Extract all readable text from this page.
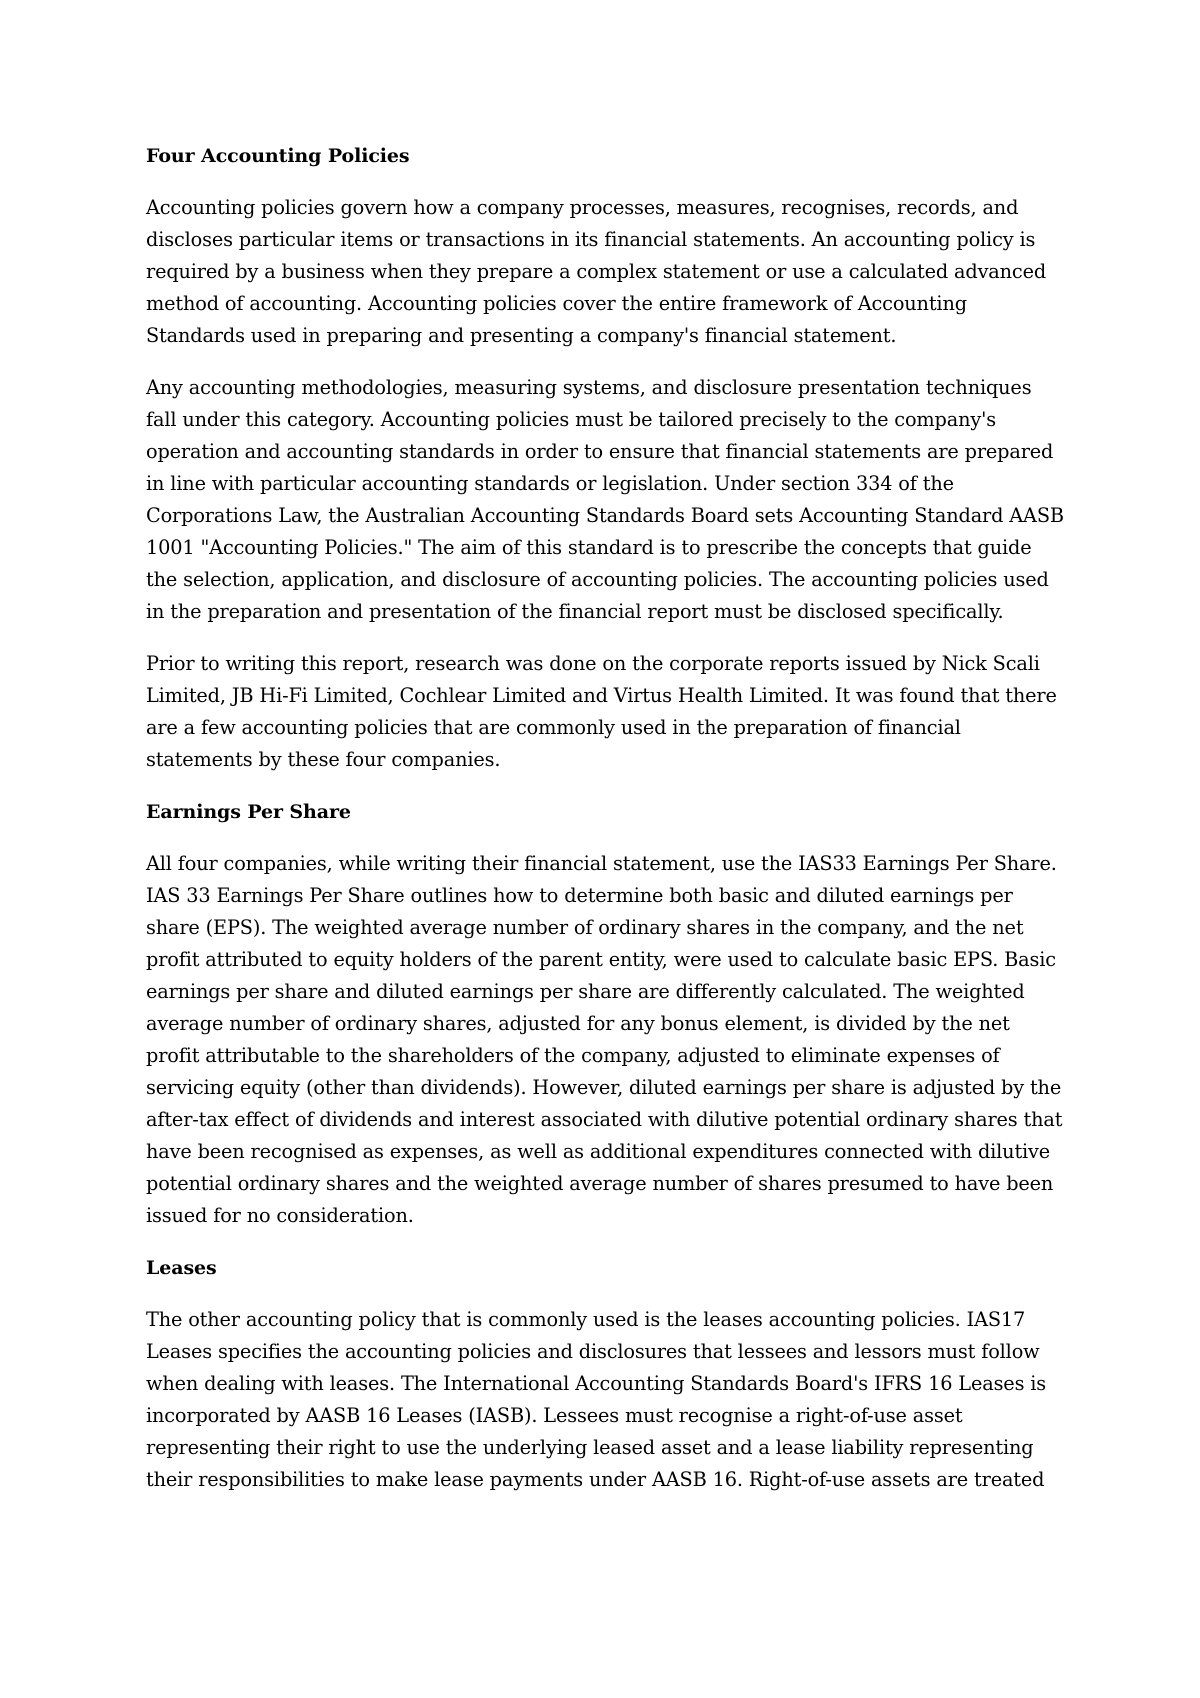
Four Accounting Policies

Accounting policies govern how a company processes, measures, recognises, records, and discloses particular items or transactions in its financial statements. An accounting policy is required by a business when they prepare a complex statement or use a calculated advanced method of accounting. Accounting policies cover the entire framework of Accounting Standards used in preparing and presenting a company's financial statement.

Any accounting methodologies, measuring systems, and disclosure presentation techniques fall under this category. Accounting policies must be tailored precisely to the company's operation and accounting standards in order to ensure that financial statements are prepared in line with particular accounting standards or legislation. Under section 334 of the Corporations Law, the Australian Accounting Standards Board sets Accounting Standard AASB 1001 "Accounting Policies." The aim of this standard is to prescribe the concepts that guide the selection, application, and disclosure of accounting policies. The accounting policies used in the preparation and presentation of the financial report must be disclosed specifically.

Prior to writing this report, research was done on the corporate reports issued by Nick Scali Limited, JB Hi-Fi Limited, Cochlear Limited and Virtus Health Limited. It was found that there are a few accounting policies that are commonly used in the preparation of financial statements by these four companies.

Earnings Per Share

All four companies, while writing their financial statement, use the IAS33 Earnings Per Share. IAS 33 Earnings Per Share outlines how to determine both basic and diluted earnings per share (EPS). The weighted average number of ordinary shares in the company, and the net profit attributed to equity holders of the parent entity, were used to calculate basic EPS. Basic earnings per share and diluted earnings per share are differently calculated. The weighted average number of ordinary shares, adjusted for any bonus element, is divided by the net profit attributable to the shareholders of the company, adjusted to eliminate expenses of servicing equity (other than dividends). However, diluted earnings per share is adjusted by the after-tax effect of dividends and interest associated with dilutive potential ordinary shares that have been recognised as expenses, as well as additional expenditures connected with dilutive potential ordinary shares and the weighted average number of shares presumed to have been issued for no consideration.

Leases

The other accounting policy that is commonly used is the leases accounting policies. IAS17 Leases specifies the accounting policies and disclosures that lessees and lessors must follow when dealing with leases. The International Accounting Standards Board's IFRS 16 Leases is incorporated by AASB 16 Leases (IASB). Lessees must recognise a right-of-use asset representing their right to use the underlying leased asset and a lease liability representing their responsibilities to make lease payments under AASB 16. Right-of-use assets are treated
